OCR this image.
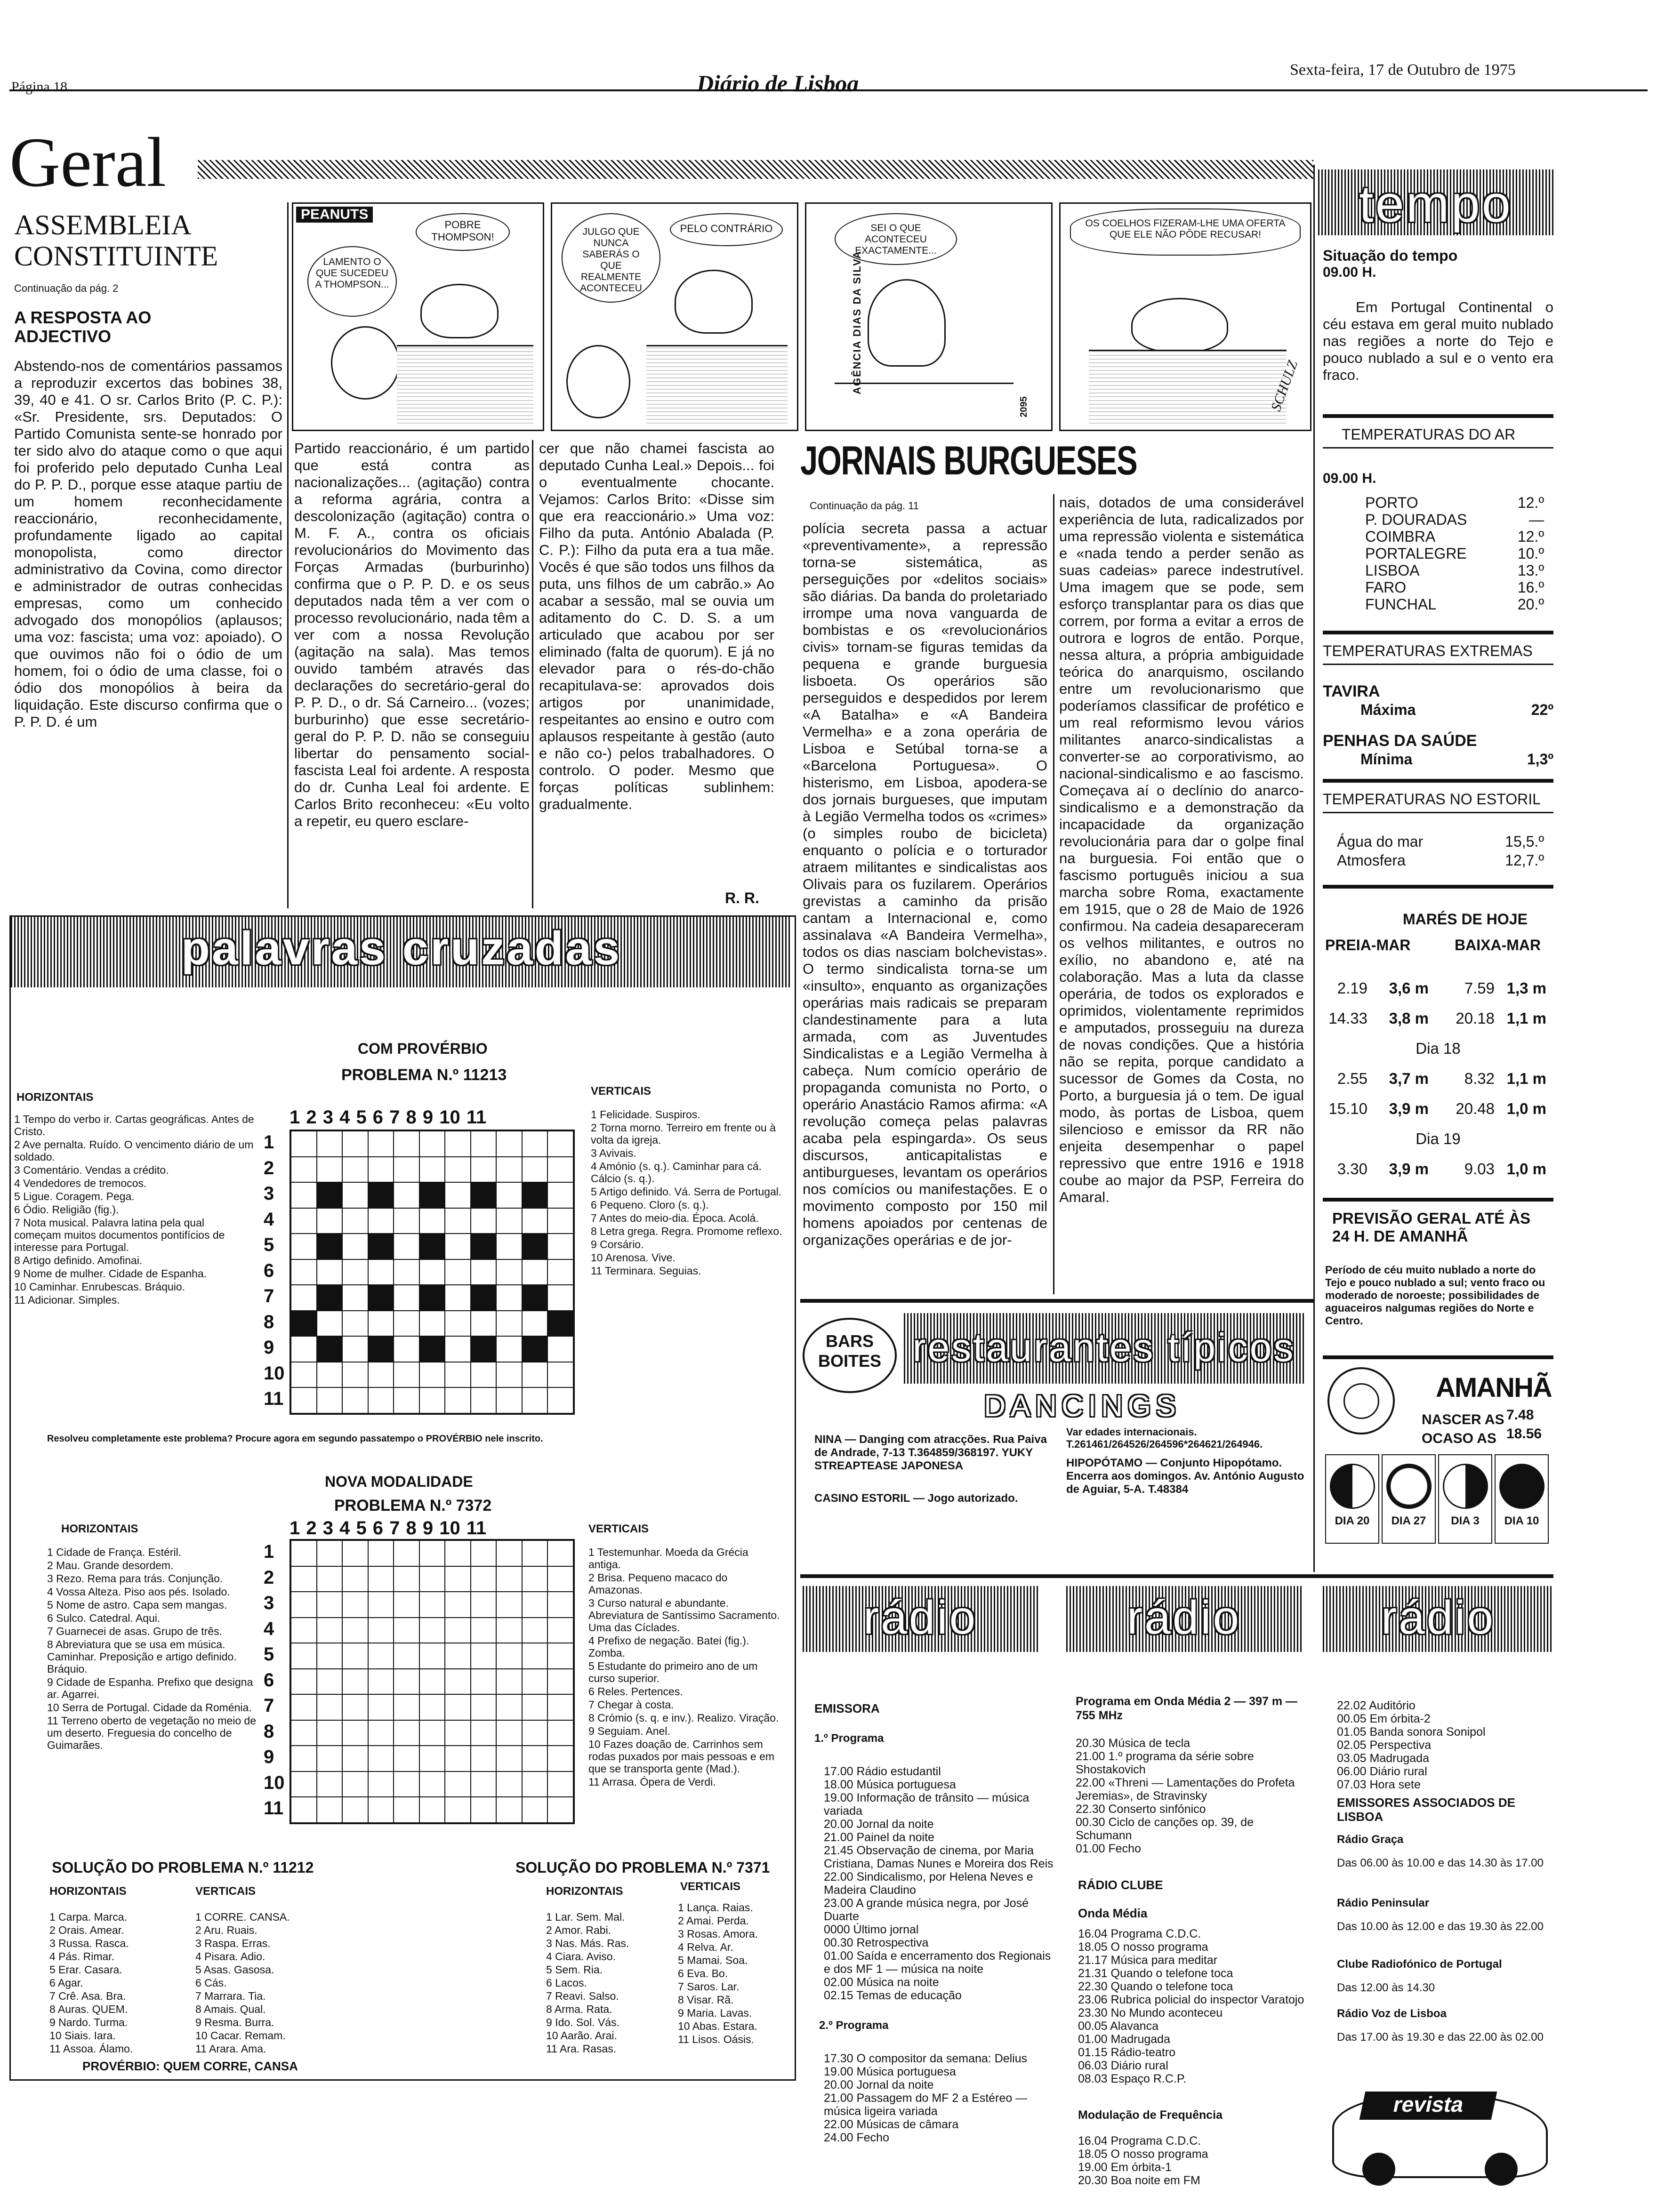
Página 18	Diário de Lisboa
Sexta-feira, 17 de Outubro de 1975
Geral
ASSEMBLEIA CONSTITUINTE
Continuação da pág. 2
A RESPOSTA AO ADJECTIVO
Abstendo-nos de comentários passamos a reproduzir excertos das bobines 38, 39, 40 e 41. O sr. Carlos Brito (P. C. P.): «Sr. Presidente, srs. Deputados: O Partido Comunista sente-se honrado por ter sido alvo do ataque como o que aqui foi proferido pelo deputado Cunha Leal do P. P. D., porque esse ataque partiu de um homem reconhecidamente reaccionário, reconhecidamente, profundamente ligado ao capital monopolista, como director administrativo da Covina, como director e administrador de outras conhecidas empresas, como um conhecido advogado dos monopólios (aplausos; uma voz: fascista; uma voz: apoiado). O que ouvimos não foi o ódio de um homem, foi o ódio de uma classe, foi o ódio dos monopólios à beira da liquidação. Este discurso confirma que o P. P. D. é um
Partido reaccionário, é um partido que está contra as nacionalizações... (agitação) contra a reforma agrária, contra a descolonização (agitação) contra o M. F. A., contra os oficiais revolucionários do Movimento das Forças Armadas (burburinho) confirma que o P. P. D. e os seus deputados nada têm a ver com o processo revolucionário, nada têm a ver com a nossa Revolução (agitação na sala). Mas temos ouvido também através das declarações do secretário-geral do P. P. D., o dr. Sá Carneiro... (vozes; burburinho) que esse secretário-geral do P. P. D. não se conseguiu libertar do pensamento social-fascista Leal foi ardente. A resposta do dr. Cunha Leal foi ardente. E Carlos Brito reconheceu: «Eu volto a repetir, eu quero esclare-
cer que não chamei fascista ao deputado Cunha Leal.» Depois... foi o eventualmente chocante. Vejamos: Carlos Brito: «Disse sim que era reaccionário.» Uma voz: Filho da puta. António Abalada (P. C. P.): Filho da puta era a tua mãe. Vocês é que são todos uns filhos da puta, uns filhos de um cabrão.» Ao acabar a sessão, mal se ouvia um aditamento do C. D. S. a um articulado que acabou por ser eliminado (falta de quorum). E já no elevador para o rés-do-chão recapitulava-se: aprovados dois artigos por unanimidade, respeitantes ao ensino e outro com aplausos respeitante à gestão (auto e não co-) pelos trabalhadores. O controlo. O poder. Mesmo que forças políticas sublinhem: gradualmente.
R. R.
PEANUTS
POBRE THOMPSON!
LAMENTO O QUE SUCEDEU A THOMPSON...
JULGO QUE NUNCA SABERÁS O QUE REALMENTE ACONTECEU
PELO CONTRÁRIO	SEI O QUE ACONTECEU EXACTAMENTE...
AGÊNCIA DIAS DA SILVA
2095
OS COELHOS FIZERAM-LHE UMA OFERTA QUE ELE NÃO PÔDE RECUSAR!
SCHULZ
JORNAIS BURGUESES
Continuação da pág. 11
polícia secreta passa a actuar «preventivamente», a repressão torna-se sistemática, as perseguições por «delitos sociais» são diárias. Da banda do proletariado irrompe uma nova vanguarda de bombistas e os «revolucionários civis» tornam-se figuras temidas da pequena e grande burguesia lisboeta. Os operários são perseguidos e despedidos por lerem «A Batalha» e «A Bandeira Vermelha» e a zona operária de Lisboa e Setúbal torna-se a «Barcelona Portuguesa». O histerismo, em Lisboa, apodera-se dos jornais burgueses, que imputam à Legião Vermelha todos os «crimes» (o simples roubo de bicicleta) enquanto o polícia e o torturador atraem militantes e sindicalistas aos Olivais para os fuzilarem. Operários grevistas a caminho da prisão cantam a Internacional e, como assinalava «A Bandeira Vermelha», todos os dias nasciam bolchevistas». O termo sindicalista torna-se um «insulto», enquanto as organizações operárias mais radicais se preparam clandestinamente para a luta armada, com as Juventudes Sindicalistas e a Legião Vermelha à cabeça. Num comício operário de propaganda comunista no Porto, o operário Anastácio Ramos afirma: «A revolução começa pelas palavras acaba pela espingarda». Os seus discursos, anticapitalistas e antiburgueses, levantam os operários nos comícios ou manifestações. E o movimento composto por 150 mil homens apoiados por centenas de organizações operárias e de jor-
nais, dotados de uma considerável experiência de luta, radicalizados por uma repressão violenta e sistemática e «nada tendo a perder senão as suas cadeias» parece indestrutível. Uma imagem que se pode, sem esforço transplantar para os dias que correm, por forma a evitar a erros de outrora e logros de então. Porque, nessa altura, a própria ambiguidade teórica do anarquismo, oscilando entre um revolucionarismo que poderíamos classificar de profético e um real reformismo levou vários militantes anarco-sindicalistas a converter-se ao corporativismo, ao nacional-sindicalismo e ao fascismo. Começava aí o declínio do anarco-sindicalismo e a demonstração da incapacidade da organização revolucionária para dar o golpe final na burguesia. Foi então que o fascismo português iniciou a sua marcha sobre Roma, exactamente em 1915, que o 28 de Maio de 1926 confirmou. Na cadeia desapareceram os velhos militantes, e outros no exílio, no abandono e, até na colaboração. Mas a luta da classe operária, de todos os explorados e oprimidos, violentamente reprimidos e amputados, prosseguiu na dureza de novas condições. Que a história não se repita, porque candidato a sucessor de Gomes da Costa, no Porto, a burguesia já o tem. De igual modo, às portas de Lisboa, quem silencioso e emissor da RR não enjeita desempenhar o papel repressivo que entre 1916 e 1918 coube ao major da PSP, Ferreira do Amaral.
tempo
Situação do tempo
09.00 H.
Em Portugal Continental o céu estava em geral muito nublado nas regiões a norte do Tejo e pouco nublado a sul e o vento era fraco.
TEMPERATURAS DO AR
09.00 H.
PORTO	12.º
P. DOURADAS	—
COIMBRA	12.º
PORTALEGRE	10.º
LISBOA	13.º
FARO	16.º
FUNCHAL	20.º
TEMPERATURAS EXTREMAS
TAVIRA
Máxima	22º
PENHAS DA SAÚDE
Mínima	1,3º
TEMPERATURAS NO ESTORIL
Água do mar	15,5.º
Atmosfera	12,7.º
MARÉS DE HOJE
PREIA-MAR	BAIXA-MAR
2.19	3,6 m	7.59 1,3 m
14.33	3,8 m	20.18 1,1 m
Dia 18
2.55	3,7 m	8.32 1,1 m
15.10	3,9 m	20.48 1,0 m
Dia 19
3.30	3,9 m	9.03 1,0 m
PREVISÃO GERAL ATÉ ÀS 24 H. DE AMANHÃ
Período de céu muito nublado a norte do Tejo e pouco nublado a sul; vento fraco ou moderado de noroeste; possibilidades de aguaceiros nalgumas regiões do Norte e Centro.
AMANHÃ
NASCER AS 7.48
OCASO AS 18.56
DIA 20	DIA 27	DIA 3	DIA 10
palavras cruzadas
COM PROVÉRBIO
PROBLEMA N.º 11213
HORIZONTAIS
1 Tempo do verbo ir. Cartas geográficas. Antes de Cristo.
2 Ave pernalta. Ruído. O vencimento diário de um soldado.
3 Comentário. Vendas a crédito.
4 Vendedores de tremocos.
5 Ligue. Coragem. Pega.
6 Ódio. Religião (fig.).
7 Nota musical. Palavra latina pela qual começam muitos documentos pontifícios de interesse para Portugal.
8 Artigo definido. Amofinai.
9 Nome de mulher. Cidade de Espanha.
10 Caminhar. Enrubescas. Bráquio.
11 Adicionar. Simples.
1 2 3 4 5 6 7 8 9 10 11
1
2
3
4
5
6
7
8
9
10
11
VERTICAIS
1 Felicidade. Suspiros.
2 Torna morno. Terreiro em frente ou à volta da igreja.
3 Avivais.
4 Amónio (s. q.). Caminhar para cá. Cálcio (s. q.).
5 Artigo definido. Vá. Serra de Portugal.
6 Pequeno. Cloro (s. q.).
7 Antes do meio-dia. Época. Acolá.
8 Letra grega. Regra. Promome reflexo.
9 Corsário.
10 Arenosa. Vive.
11 Terminara. Seguias.
Resolveu completamente este problema? Procure agora em segundo passatempo o PROVÉRBIO nele inscrito.
NOVA MODALIDADE
PROBLEMA N.º 7372
HORIZONTAIS
1 Cidade de França. Estéril.
2 Mau. Grande desordem.
3 Rezo. Rema para trás. Conjunção.
4 Vossa Alteza. Piso aos pés. Isolado.
5 Nome de astro. Capa sem mangas.
6 Sulco. Catedral. Aqui.
7 Guarnecei de asas. Grupo de três.
8 Abreviatura que se usa em música. Caminhar. Preposição e artigo definido. Bráquio.
9 Cidade de Espanha. Prefixo que designa ar. Agarrei.
10 Serra de Portugal. Cidade da Roménia.
11 Terreno oberto de vegetação no meio de um deserto. Freguesia do concelho de Guimarães.
1 2 3 4 5 6 7 8 9 10 11
1
2
3
4
5
6
7
8
9
10
11
VERTICAIS
1 Testemunhar. Moeda da Grécia antiga.
2 Brisa. Pequeno macaco do Amazonas.
3 Curso natural e abundante. Abreviatura de Santíssimo Sacramento. Uma das Cíclades.
4 Prefixo de negação. Batei (fig.). Zomba.
5 Estudante do primeiro ano de um curso superior.
6 Reles. Pertences.
7 Chegar à costa.
8 Crómio (s. q. e inv.). Realizo. Viração.
9 Seguiam. Anel.
10 Fazes doação de. Carrinhos sem rodas puxados por mais pessoas e em que se transporta gente (Mad.).
11 Arrasa. Ópera de Verdi.
SOLUÇÃO DO PROBLEMA N.º 11212
HORIZONTAIS	VERTICAIS
1 Carpa. Marca.
2 Orais. Amear.
3 Russa. Rasca.
4 Pás. Rimar.
5 Erar. Casara.
6 Agar.
7 Crê. Asa. Bra.
8 Auras. QUEM.
9 Nardo. Turma.
10 Siais. Iara.
11 Assoa. Álamo.
1 CORRE. CANSA.
2 Aru. Ruais.
3 Raspa. Erras.
4 Pisara. Adio.
5 Asas. Gasosa.
6 Cás.
7 Marrara. Tia.
8 Amais. Qual.
9 Resma. Burra.
10 Cacar. Remam.
11 Arara. Ama.
SOLUÇÃO DO PROBLEMA N.º 7371
HORIZONTAIS	VERTICAIS
1 Lar. Sem. Mal.
2 Amor. Rabi.
3 Nas. Más. Ras.
4 Ciara. Aviso.
5 Sem. Ria.
6 Lacos.
7 Reavi. Salso.
8 Arma. Rata.
9 Ido. Sol. Vás.
10 Aarão. Arai.
11 Ara. Rasas.
1 Lança. Raias.
2 Amai. Perda.
3 Rosas. Amora.
4 Relva. Ar.
5 Mamai. Soa.
6 Eva. Bo.
7 Saros. Lar.
8 Visar. Rã.
9 Maria. Lavas.
10 Abas. Estara.
11 Lisos. Oásis.
PROVÉRBIO: QUEM CORRE, CANSA
BARS
BOITES restaurantes típicos
DANCINGS
NINA — Danging com atracções. Rua Paiva de Andrade, 7-13 T.364859/368197. YUKY STREAPTEASE JAPONESA
CASINO ESTORIL — Jogo autorizado.
Var edades internacionais. T.261461/264526/264596*264621/264946.
HIPOPÓTAMO — Conjunto Hipopótamo. Encerra aos domingos. Av. António Augusto de Aguiar, 5-A. T.48384
rádio	rádio	rádio
EMISSORA
1.º Programa
17.00 Rádio estudantil
18.00 Música portuguesa
19.00 Informação de trânsito — música variada
20.00 Jornal da noite
21.00 Painel da noite
21.45 Observação de cinema, por Maria Cristiana, Damas Nunes e Moreira dos Reis
22.00 Sindicalismo, por Helena Neves e Madeira Claudino
23.00 A grande música negra, por José Duarte
0000 Último jornal
00.30 Retrospectiva
01.00 Saída e encerramento dos Regionais e dos MF 1 — música na noite
02.00 Música na noite
02.15 Temas de educação
2.º Programa
17.30 O compositor da semana: Delius
19.00 Música portuguesa
20.00 Jornal da noite
21.00 Passagem do MF 2 a Estéreo — música ligeira variada
22.00 Músicas de câmara
24.00 Fecho
Programa em Onda Média 2 — 397 m — 755 MHz
20.30 Música de tecla
21.00 1.º programa da série sobre Shostakovich
22.00 «Threni — Lamentações do Profeta Jeremias», de Stravinsky
22.30 Conserto sinfónico
00.30 Ciclo de canções op. 39, de Schumann
01.00 Fecho
RÁDIO CLUBE
Onda Média
16.04 Programa C.D.C.
18.05 O nosso programa
21.17 Música para meditar
21.31 Quando o telefone toca
22.30 Quando o telefone toca
23.06 Rubrica policial do inspector Varatojo
23.30 No Mundo aconteceu
00.05 Alavanca
01.00 Madrugada
01.15 Rádio-teatro
06.03 Diário rural
08.03 Espaço R.C.P.
Modulação de Frequência
16.04 Programa C.D.C.
18.05 O nosso programa
19.00 Em órbita-1
20.30 Boa noite em FM
22.02 Auditório
00.05 Em órbita-2
01.05 Banda sonora Sonipol
02.05 Perspectiva
03.05 Madrugada
06.00 Diário rural
07.03 Hora sete
EMISSORES ASSOCIADOS DE LISBOA
Rádio Graça
Das 06.00 às 10.00 e das 14.30 às 17.00
Rádio Peninsular
Das 10.00 às 12.00 e das 19.30 às 22.00
Clube Radiofónico de Portugal
Das 12.00 às 14.30
Rádio Voz de Lisboa
Das 17.00 às 19.30 e das 22.00 às 02.00
revista motor
